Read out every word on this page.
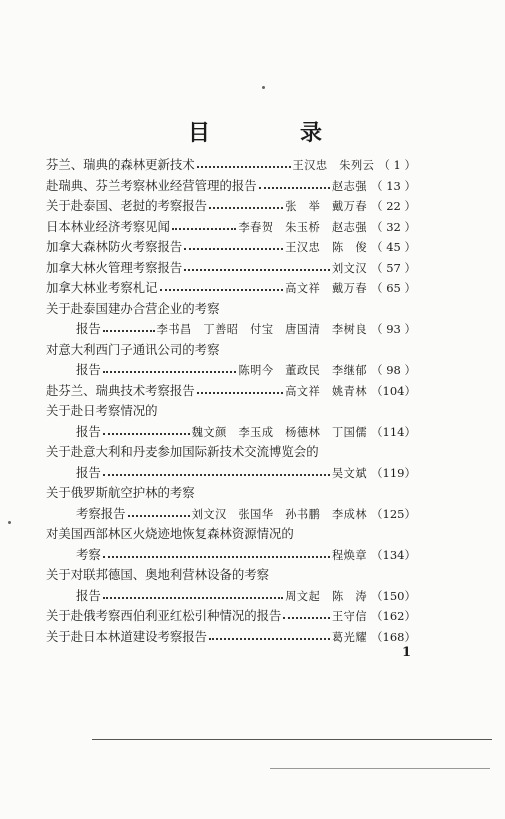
目　录
芬兰、瑞典的森林更新技术	王汉忠　朱列云 （ 1 ）
赴瑞典、芬兰考察林业经营管理的报告	赵志强 （ 13 ）
关于赴泰国、老挝的考察报告	张　举　戴万春 （ 22 ）
日本林业经济考察见闻	李春贺　朱玉桥　赵志强 （ 32 ）
加拿大森林防火考察报告	王汉忠　陈　俊 （ 45 ）
加拿大林火管理考察报告	刘文汉 （ 57 ）
加拿大林业考察札记	高文祥　戴万春 （ 65 ）
关于赴泰国建办合营企业的考察
报告	李书昌　丁善昭　付宝　唐国清　李树良 （ 93 ）
对意大利西门子通讯公司的考察
报告	陈明今　董政民　李继郁 （ 98 ）
赴芬兰、瑞典技术考察报告	高文祥　姚青林 （104）
关于赴日考察情况的
报告	魏文颜　李玉成　杨德林　丁国儒 （114）
关于赴意大利和丹麦参加国际新技术交流博览会的
报告	吴文斌 （119）
关于俄罗斯航空护林的考察
考察报告	刘文汉　张国华　孙书鹏　李成林 （125）
对美国西部林区火烧迹地恢复森林资源情况的
考察	程焕章 （134）
关于对联邦德国、奥地利营林设备的考察
报告	周文起　陈　涛 （150）
关于赴俄考察西伯利亚红松引种情况的报告	王守信 （162）
关于赴日本林道建设考察报告	葛光耀 （168）
1
